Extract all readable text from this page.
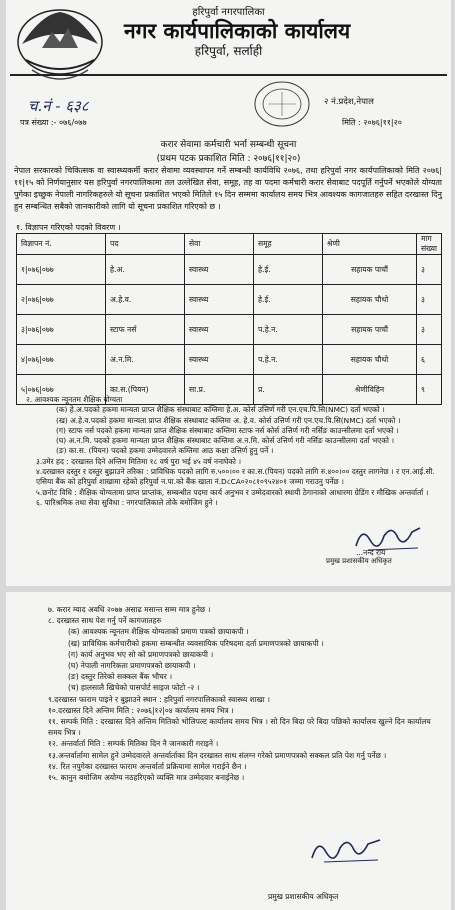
हरिपुर्वा नगरपालिका
नगर कार्यपालिकाको कार्यालय
हरिपुर्वा, सर्लाही
च.नं - ६३८	२ नं.प्रदेश,नेपाल
पत्र संख्या :- ०७६/०७७	मिति : २०७६|११|२०
करार सेवामा कर्मचारी भर्ना सम्बन्धी सूचना
(प्रथम पटक प्रकाशित मिति : २०७६|११|२०)
नेपाल सरकारको चिकित्सक वा स्वास्थ्यकर्मी करार सेवामा व्यवस्थापन गर्ने सम्बन्धी कार्यविधि २०७६, तथा हरिपुर्वा नगर कार्यपालिकाको मिति २०७६|११|१५ को निर्णयानुसार यस हरिपुर्वा नगरपालिकामा तल उल्लेखित सेवा, समूह, तह वा पदमा कर्मचारी करार सेवाबाट पदपूर्ति गर्नुपर्ने भएकोले योग्यता पुगेका इच्छुक नेपाली नागरिकहरुले यो सूचना प्रकाशित भएको मितिले १५ दिन सम्ममा कार्यालय समय भित्र आवश्यक कागजातहरु सहित दरखास्त दिनु हुन सम्बन्धित सबैको जानकारीको लागि यो सूचना प्रकाशित गरिएको छ ।
१. विज्ञापन गरिएको पदको विवरण ।
विज्ञापन नं.	पद	सेवा	समूह	श्रेणी	माग संख्या
१|०७६|०७७	हे.अ.	स्वास्थ्य	हे.ई.	सहायक पाचौं	३
२|०७६|०७७	अ.हे.व.	स्वास्थ्य	हे.ई.	सहायक चौथो	३
३|०७६|०७७	स्टाफ नर्स	स्वास्थ्य	प.हे.न.	सहायक पाचौं	३
४|०७६|०७७	अ.न.मि.	स्वास्थ्य	प.हे.न.	सहायक चौथो	६
५|०७६|०७७	का.स.(पियन)	सा.प्र.	प्र.	श्रेणीविहिन	९
२. आवश्यक न्यूनतम शैक्षिक योग्यता
(क) हे.अ.पदको हकमा मान्यता प्राप्त शैक्षिक संस्थाबाट कम्तिमा हे.अ. कोर्स उत्तिर्ण गरी एन.एच.पि.सि(NMC) दर्ता भएको ।
(ख) अ.हे.व.पदको हकमा मान्यता प्राप्त शैक्षिक संस्थाबाट कम्तिमा अ. हे.व. कोर्स उत्तिर्ण गरी एन.एच.पि.सि(NMC) दर्ता भएको ।
(ग) स्टाफ नर्स पदको हकमा मान्यता प्राप्त शैक्षिक संस्थाबाट कम्तिमा स्टाफ नर्स कोर्स उत्तिर्ण गरी नर्सिङ काउन्सीलमा दर्ता भएको ।
(घ) अ.न.मि. पदको हकमा मान्यता प्राप्त शैक्षिक संस्थाबाट कम्तिमा अ.न.मि. कोर्स उत्तिर्ण गरी नर्सिङ काउन्सीलमा दर्ता भएको ।
(ङ) का.स. (पियन) पदको हकमा उम्मेदवारले कम्तिमा आठ कक्षा उत्तिर्ण हुनु पर्ने ।
३.उमेर हद : दरखास्त दिने अन्तिम मितिमा १८ वर्ष पुरा भई ४५ वर्ष ननाघेको ।
४.दरखास्त दस्तुर र दस्तुर बुझाउने तरिका : प्राविधिक पदको लागि रु.५००।०० र का.स.(पियन) पदको लागि रु.४००।०० दस्तुर लागनेछ । र एन.आई.सी. एसिया बैंक को हरिपुर्वा शाखामा रहेको हरिपुर्वा न.पा.को बैंक खाता नं.D८CA०२०८१०९५२४०१ जम्मा गराउनु पर्नेछ ।
५.छनोट विधि : शैक्षिक योग्यतामा प्राप्त प्राप्तांक, सम्बन्धीत पदमा कार्य अनुभव र उम्मेदवारको स्थायी ठेगानाको आधारमा ग्रेडिंग र मौखिक अन्तर्वार्ता ।
६. पारिश्रमिक तथा सेवा सुविधा : नगरपालिकाले तोके बमोजिम हुने ।
...नन्द राय
प्रमुख प्रशासकीय अधिकृत
७. करार म्याद अवधि २०७७ असाढ मसान्त सम्म मात्र हुनेछ ।
८. दरखास्त साथ पेश गर्नु पर्ने कागजातहरु
(क) आवश्यक न्यूनतम शैक्षिक योग्यताको प्रमाण पत्रको छायाकपी ।
(ख) प्राविधिक कर्मचारीको हकमा सम्बन्धीत व्यवसायिक परिषदमा दर्ता प्रमाणपत्रको छायाकपी ।
(ग) कार्य अनुभव भए सो को प्रमाणपत्रको छायाकपी ।
(घ) नेपाली नागरिकता प्रमाणपत्रको छायाकपी ।
(ङ) दस्तुर तिरेको सक्कल बैंक भौचर ।
(च) हालसालै खिचेको पासपोर्ट साइज फोटो -२ ।
९.दरखास्त फाराम पाइने र बुझाउने स्थान : हरिपुर्वा नगरपालिकाको स्वास्थ्य शाखा ।
१०.दरखास्त दिने अन्तिम मिति : २०७६|१२|०४ कार्यालय समय भित्र ।
११. सम्पर्क मिति : दरखास्त दिने अन्तिम मितिको भोलिपल्ट कार्यालय समय भित्र । सो दिन बिदा परे बिदा पछिको कार्यालय खुल्ने दिन कार्यालय समय भित्र ।
१२. अन्तर्वार्ता मिति : सम्पर्क मितिका दिन नै जानकारी गराइने ।
१३.अन्तर्वार्तामा सामेल हुने उम्मेदवारले अन्तर्वार्ताका दिन दरखास्त साथ संलग्न गरेको प्रमाणपत्रको सक्कल प्रति पेश गर्नु पर्नेछ ।
१४. रित नपुगेका दरखास्त फाराम अन्तर्वार्ता प्रक्रियामा सामेल गराईने छैन ।
१५. कानुन बमोजिम अयोग्य नठहरिएको व्यक्ति मात्र उम्मेदवार बनाईनेछ ।
प्रमुख प्रशासकीय अधिकृत
